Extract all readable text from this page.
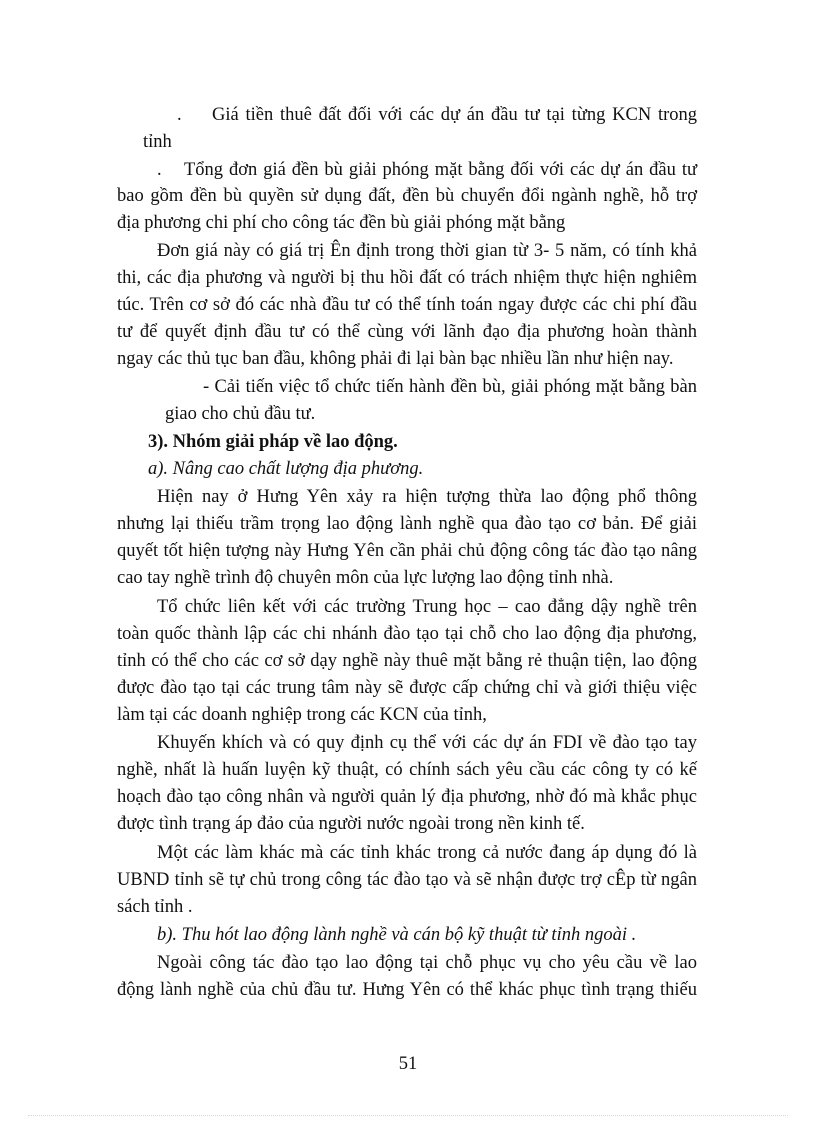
. Giá tiền thuê đất đối với các dự án đầu tư tại từng KCN trong
tỉnh
. Tổng đơn giá đền bù giải phóng mặt bằng đối với các dự án đầu tư
bao gồm đền bù quyền sử dụng đất, đền bù chuyển đổi ngành nghề, hỗ trợ
địa phương chi phí cho công tác đền bù giải phóng mặt bằng
Đơn giá này có giá trị Ên định trong thời gian từ 3- 5 năm, có tính khả
thi, các địa phương và người bị thu hồi đất có trách nhiệm thực hiện nghiêm
túc. Trên cơ sở đó các nhà đầu tư có thể tính toán ngay được các chi phí đầu
tư để quyết định đầu tư có thể cùng với lãnh đạo địa phương hoàn thành
ngay các thủ tục ban đầu, không phải đi lại bàn bạc nhiều lần như hiện nay.
- Cải tiến việc tổ chức tiến hành đền bù, giải phóng mặt bằng bàn
giao cho chủ đầu tư.
3). Nhóm giải pháp về lao động.
a). Nâng cao chất lượng địa phương.
Hiện nay ở Hưng Yên xảy ra hiện tượng thừa lao động phổ thông
nhưng lại thiếu trầm trọng lao động lành nghề qua đào tạo cơ bản. Để giải
quyết tốt hiện tượng này Hưng Yên cần phải chủ động công tác đào tạo nâng
cao tay nghề trình độ chuyên môn của lực lượng lao động tỉnh nhà.
Tổ chức liên kết với các trường Trung học – cao đẳng dậy nghề trên
toàn quốc thành lập các chi nhánh đào tạo tại chỗ cho lao động địa phương,
tỉnh có thể cho các cơ sở dạy nghề này thuê mặt bằng rẻ thuận tiện, lao động
được đào tạo tại các trung tâm này sẽ được cấp chứng chỉ và giới thiệu việc
làm tại các doanh nghiệp trong các KCN của tỉnh,
Khuyến khích và có quy định cụ thể với các dự án FDI về đào tạo tay
nghề, nhất là huấn luyện kỹ thuật, có chính sách yêu cầu các công ty có kế
hoạch đào tạo công nhân và người quản lý địa phương, nhờ đó mà khắc phục
được tình trạng áp đảo của người nước ngoài trong nền kinh tế.
Một các làm khác mà các tỉnh khác trong cả nước đang áp dụng đó là
UBND tỉnh sẽ tự chủ trong công tác đào tạo và sẽ nhận được trợ cÊp từ ngân
sách tỉnh .
b). Thu hót lao động lành nghề và cán bộ kỹ thuật từ tỉnh ngoài .
Ngoài công tác đào tạo lao động tại chỗ phục vụ cho yêu cầu về lao
động lành nghề của chủ đầu tư. Hưng Yên có thể khác phục tình trạng thiếu
51
